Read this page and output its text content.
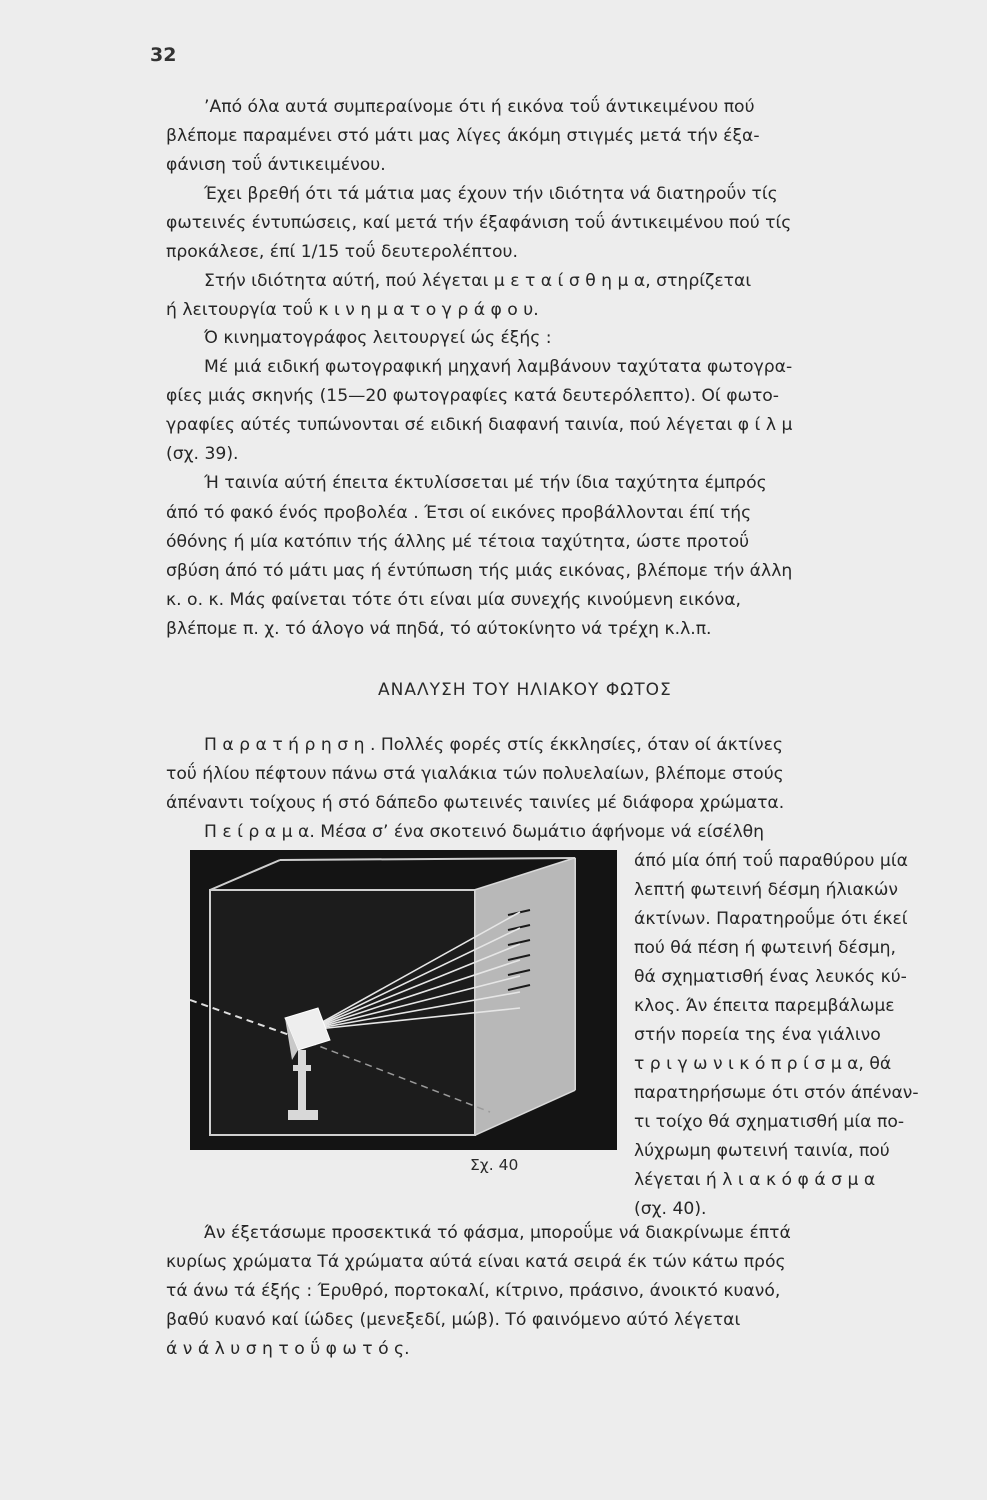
32
’Από όλα αυτά συμπεραίνομε ότι ή εικόνα τοΰ άντικειμένου πού
βλέπομε παραμένει στό μάτι μας λίγες άκόμη στιγμές μετά τήν έξα-
φάνιση τοΰ άντικειμένου.
Έχει βρεθή ότι τά μάτια μας έχουν τήν ιδιότητα νά διατηροΰν τίς
φωτεινές έντυπώσεις, καί μετά τήν έξαφάνιση τοΰ άντικειμένου πού τίς
προκάλεσε, έπί 1/15 τοΰ δευτερολέπτου.
Στήν ιδιότητα αύτή, πού λέγεται μ ε τ α ί σ θ η μ α, στηρίζεται
ή λειτουργία τοΰ κ ι ν η μ α τ ο γ ρ ά φ ο υ.
Ό κινηματογράφος λειτουργεί ώς έξής :
Μέ μιά ειδική φωτογραφική μηχανή λαμβάνουν ταχύτατα φωτογρα-
φίες μιάς σκηνής (15—20 φωτογραφίες κατά δευτερόλεπτο). Οί φωτο-
γραφίες αύτές τυπώνονται σέ ειδική διαφανή ταινία, πού λέγεται φ ί λ μ
(σχ. 39).
Ή ταινία αύτή έπειτα έκτυλίσσεται μέ τήν ίδια ταχύτητα έμπρός
άπό τό φακό ένός προβολέα . Έτσι οί εικόνες προβάλλονται έπί τής
όθόνης ή μία κατόπιν τής άλλης μέ τέτοια ταχύτητα, ώστε προτοΰ
σβύση άπό τό μάτι μας ή έντύπωση τής μιάς εικόνας, βλέπομε τήν άλλη
κ. ο. κ. Μάς φαίνεται τότε ότι είναι μία συνεχής κινούμενη εικόνα,
βλέπομε π. χ. τό άλογο νά πηδά, τό αύτοκίνητο νά τρέχη κ.λ.π.
ΑΝΑΛΥΣΗ ΤΟΥ ΗΛΙΑΚΟΥ ΦΩΤΟΣ
Π α ρ α τ ή ρ η σ η . Πολλές φορές στίς έκκλησίες, όταν οί άκτίνες
τοΰ ήλίου πέφτουν πάνω στά γιαλάκια τών πολυελαίων, βλέπομε στούς
άπέναντι τοίχους ή στό δάπεδο φωτεινές ταινίες μέ διάφορα χρώματα.
Π ε ί ρ α μ α. Μέσα σ’ ένα σκοτεινό δωμάτιο άφήνομε νά είσέλθη
άπό μία όπή τοΰ παραθύρου μία
λεπτή φωτεινή δέσμη ήλιακών
άκτίνων. Παρατηροΰμε ότι έκεί
πού θά πέση ή φωτεινή δέσμη,
θά σχηματισθή ένας λευκός κύ-
κλος. Άν έπειτα παρεμβάλωμε
στήν πορεία της ένα γιάλινο
τ ρ ι γ ω ν ι κ ό π ρ ί σ μ α, θά
παρατηρήσωμε ότι στόν άπέναν-
τι τοίχο θά σχηματισθή μία πο-
λύχρωμη φωτεινή ταινία, πού
λέγεται ή λ ι α κ ό φ ά σ μ α
(σχ. 40).
Σχ. 40
Άν έξετάσωμε προσεκτικά τό φάσμα, μποροΰμε νά διακρίνωμε έπτά
κυρίως χρώματα Τά χρώματα αύτά είναι κατά σειρά έκ τών κάτω πρός
τά άνω τά έξής : Έρυθρό, πορτοκαλί, κίτρινο, πράσινο, άνοικτό κυανό,
βαθύ κυανό καί ίώδες (μενεξεδί, μώβ). Τό φαινόμενο αύτό λέγεται
ά ν ά λ υ σ η τ ο ΰ φ ω τ ό ς.
